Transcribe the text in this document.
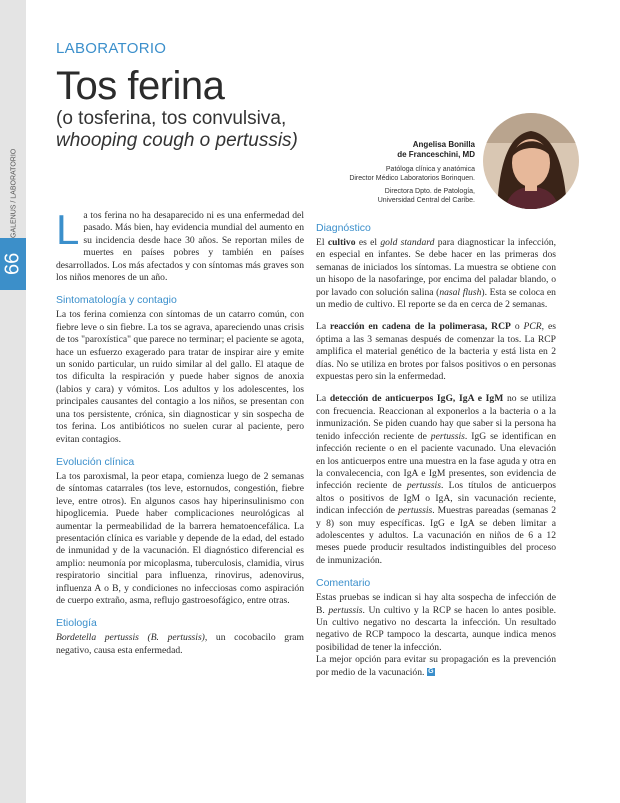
66
GALENUS / LABORATORIO
LABORATORIO
Tos ferina
(o tosferina, tos convulsiva,
whooping cough o pertussis)	Angelisa Bonilla
de Franceschini, MD
Patóloga clínica y anatómica
Director Médico Laboratorios Borinquen.
Directora Dpto. de Patología,
Universidad Central del Caribe.

La tos ferina no ha desaparecido ni es una enfermedad del pasado. Más bien, hay evidencia mundial del aumento en su incidencia desde hace 30 años. Se reportan miles de muertes en países pobres y también en países desarrollados. Los más afectados y con síntomas más graves son los niños menores de un año.

Sintomatología y contagio

La tos ferina comienza con síntomas de un catarro común, con fiebre leve o sin fiebre. La tos se agrava, apareciendo unas crisis de tos "paroxística" que parece no terminar; el paciente se agota, hace un esfuerzo exagerado para tratar de inspirar aire y emite un sonido particular, un ruido similar al del gallo. El ataque de tos dificulta la respiración y puede haber signos de anoxia (labios y cara) y vómitos. Los adultos y los adolescentes, los principales causantes del contagio a los niños, se presentan con una tos persistente, crónica, sin diagnosticar y sin sospecha de tos ferina. Los antibióticos no suelen curar al paciente, pero evitan contagios.

Evolución clínica

La tos paroxismal, la peor etapa, comienza luego de 2 semanas de síntomas catarrales (tos leve, estornudos, congestión, fiebre leve, entre otros). En algunos casos hay hiperinsulinismo con hipoglicemia. Puede haber complicaciones neurológicas al aumentar la permeabilidad de la barrera hematoencefálica. La presentación clínica es variable y depende de la edad, del estado de inmunidad y de la vacunación. El diagnóstico diferencial es amplio: neumonía por micoplasma, tuberculosis, clamidia, virus respiratorio sincitial para influenza, rinovirus, adenovirus, influenza A o B, y condiciones no infecciosas como aspiración de cuerpo extraño, asma, reflujo gastroesofágico, entre otras.

Etiología

Bordetella pertussis (B. pertussis), un cocobacilo gram negativo, causa esta enfermedad.

Diagnóstico

El cultivo es el gold standard para diagnosticar la infección, en especial en infantes. Se debe hacer en las primeras dos semanas de iniciados los síntomas. La muestra se obtiene con un hisopo de la nasofaringe, por encima del paladar blando, o por lavado con solución salina (nasal flush). Esta se coloca en un medio de cultivo. El reporte se da en cerca de 2 semanas.

La reacción en cadena de la polimerasa, RCP o PCR, es óptima a las 3 semanas después de comenzar la tos. La RCP amplifica el material genético de la bacteria y está lista en 2 días. No se utiliza en brotes por falsos positivos o en personas expuestas pero sin la enfermedad.

La detección de anticuerpos IgG, IgA e IgM no se utiliza con frecuencia. Reaccionan al exponerlos a la bacteria o a la inmunización. Se piden cuando hay que saber si la persona ha tenido infección reciente de pertussis. IgG se identifican en infección reciente o en el paciente vacunado. Una elevación en los anticuerpos entre una muestra en la fase aguda y otra en la convalecencia, con IgA e IgM presentes, son evidencia de infección reciente de pertussis. Los títulos de anticuerpos altos o positivos de IgM o IgA, sin vacunación reciente, indican infección de pertussis. Muestras pareadas (semanas 2 y 8) son muy específicas. IgG e IgA se deben limitar a adolescentes y adultos. La vacunación en niños de 6 a 12 meses puede producir resultados indistinguibles del proceso de inmunización.

Comentario

Estas pruebas se indican si hay alta sospecha de infección de B. pertussis. Un cultivo y la RCP se hacen lo antes posible. Un cultivo negativo no descarta la infección. Un resultado negativo de RCP tampoco la descarta, aunque indica menos posibilidad de tener la infección.

La mejor opción para evitar su propagación es la prevención por medio de la vacunación. G
